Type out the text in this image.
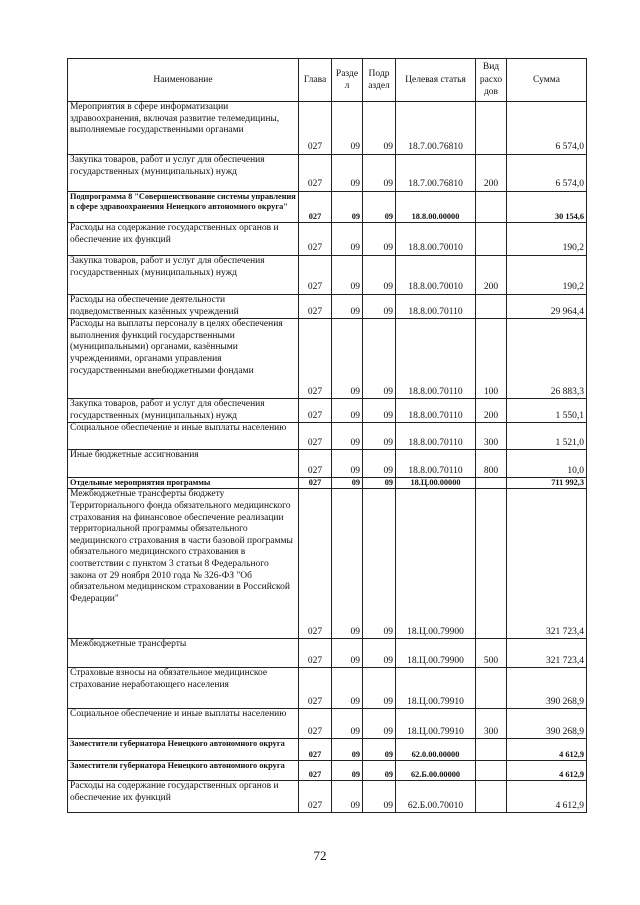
Наименование	Глава	Разде л	Подр аздел	Целевая статья	Вид расхо дов	Сумма
Мероприятия в сфере информатизации здравоохранения, включая развитие телемедицины, выполняемые государственными органами	027	09	09	18.7.00.76810		6 574,0
Закупка товаров, работ и услуг для обеспечения государственных (муниципальных) нужд	027	09	09	18.7.00.76810	200	6 574,0
Подпрограмма 8 "Совершенствование системы управления в сфере здравоохранения Ненецкого автономного округа"	027	09	09	18.8.00.00000		30 154,6
Расходы на содержание государственных органов и обеспечение их функций	027	09	09	18.8.00.70010		190,2
Закупка товаров, работ и услуг для обеспечения государственных (муниципальных) нужд	027	09	09	18.8.00.70010	200	190,2
Расходы на обеспечение деятельности подведомственных казённых учреждений	027	09	09	18.8.00.70110		29 964,4
Расходы на выплаты персоналу в целях обеспечения выполнения функций государственными (муниципальными) органами, казёнными учреждениями, органами управления государственными внебюджетными фондами	027	09	09	18.8.00.70110	100	26 883,3
Закупка товаров, работ и услуг для обеспечения государственных (муниципальных) нужд	027	09	09	18.8.00.70110	200	1 550,1
Социальное обеспечение и иные выплаты населению	027	09	09	18.8.00.70110	300	1 521,0
Иные бюджетные ассигнования	027	09	09	18.8.00.70110	800	10,0
Отдельные мероприятия программы	027	09	09	18.Ц.00.00000		711 992,3
Межбюджетные трансферты бюджету Территориального фонда обязательного медицинского страхования на финансовое обеспечение реализации территориальной программы обязательного медицинского страхования в части базовой программы обязательного медицинского страхования в соответствии с пунктом 3 статьи 8 Федерального закона от 29 ноября 2010 года № 326-ФЗ "Об обязательном медицинском страховании в Российской Федерации"	027	09	09	18.Ц.00.79900		321 723,4
Межбюджетные трансферты	027	09	09	18.Ц.00.79900	500	321 723,4
Страховые взносы на обязательное медицинское страхование неработающего населения	027	09	09	18.Ц.00.79910		390 268,9
Социальное обеспечение и иные выплаты населению	027	09	09	18.Ц.00.79910	300	390 268,9
Заместители губернатора Ненецкого автономного округа	027	09	09	62.0.00.00000		4 612,9
Заместители губернатора Ненецкого автономного округа	027	09	09	62.Б.00.00000		4 612,9
Расходы на содержание государственных органов и обеспечение их функций	027	09	09	62.Б.00.70010		4 612,9
72
